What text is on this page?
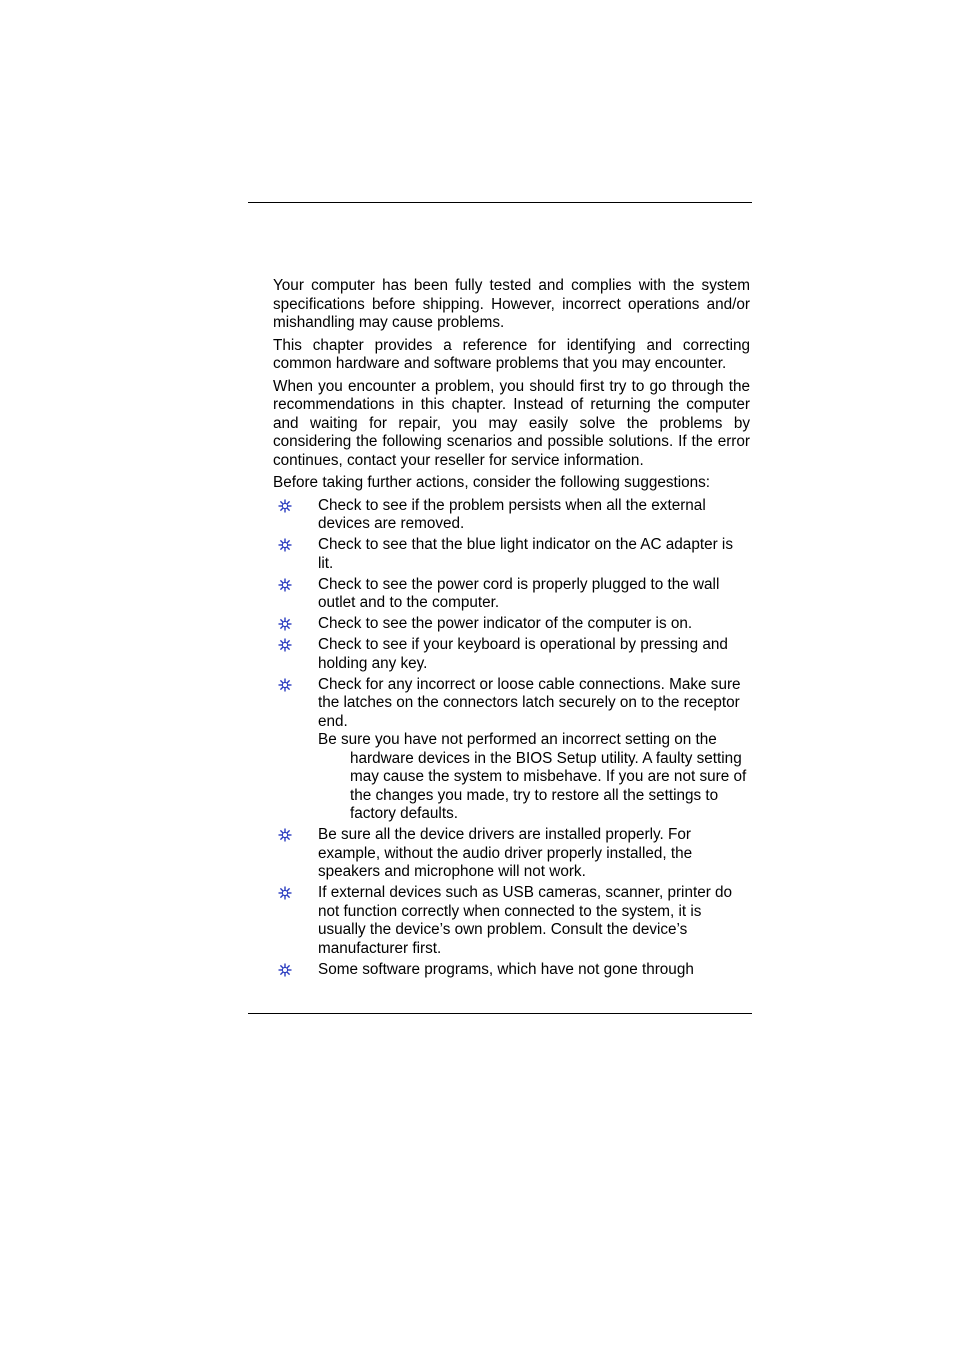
Your computer has been fully tested and complies with the system specifications before shipping. However, incorrect operations and/or mishandling may cause problems.

This chapter provides a reference for identifying and correcting common hardware and software problems that you may encounter.

When you encounter a problem, you should first try to go through the recommendations in this chapter. Instead of returning the computer and waiting for repair, you may easily solve the problems by considering the following scenarios and possible solutions. If the error continues, contact your reseller for service information.

Before taking further actions, consider the following suggestions:

Check to see if the problem persists when all the external devices are removed.
Check to see that the blue light indicator on the AC adapter is lit.
Check to see the power cord is properly plugged to the wall outlet and to the computer.
Check to see the power indicator of the computer is on.
Check to see if your keyboard is operational by pressing and holding any key.
Check for any incorrect or loose cable connections. Make sure the latches on the connectors latch securely on to the receptor end.
Be sure you have not performed an incorrect setting on the hardware devices in the BIOS Setup utility. A faulty setting may cause the system to misbehave. If you are not sure of the changes you made, try to restore all the settings to factory defaults.
Be sure all the device drivers are installed properly. For example, without the audio driver properly installed, the speakers and microphone will not work.
If external devices such as USB cameras, scanner, printer do not function correctly when connected to the system, it is usually the device’s own problem. Consult the device’s manufacturer first.
Some software programs, which have not gone through
